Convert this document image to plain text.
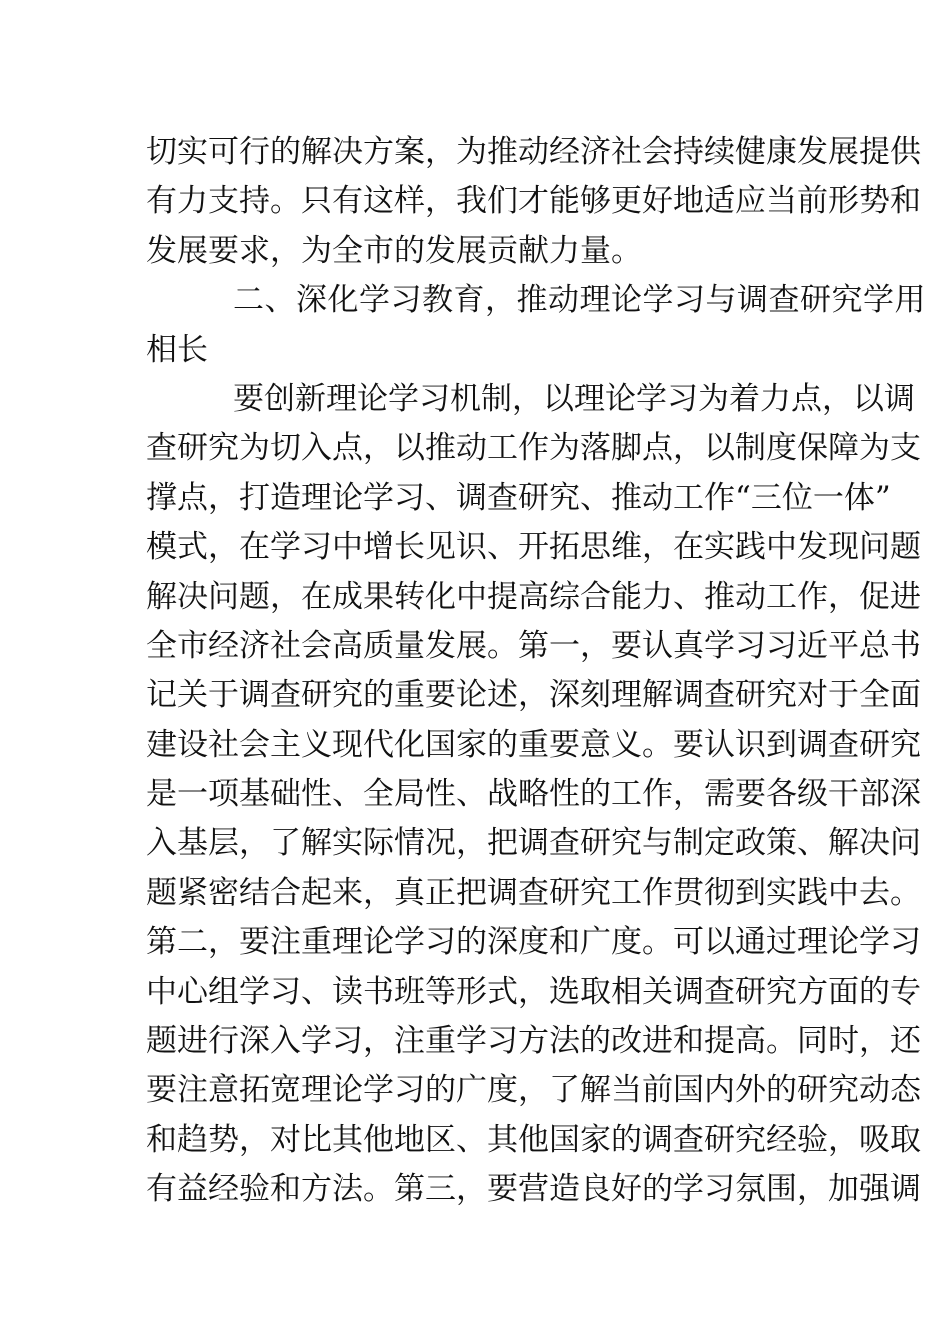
切实可行的解决方案，为推动经济社会持续健康发展提供
有力支持。只有这样，我们才能够更好地适应当前形势和
发展要求，为全市的发展贡献力量。
二、深化学习教育，推动理论学习与调查研究学用
相长
要创新理论学习机制，以理论学习为着力点，以调
查研究为切入点，以推动工作为落脚点，以制度保障为支
撑点，打造理论学习、调查研究、推动工作“三位一体”
模式，在学习中增长见识、开拓思维，在实践中发现问题
解决问题，在成果转化中提高综合能力、推动工作，促进
全市经济社会高质量发展。第一，要认真学习习近平总书
记关于调查研究的重要论述，深刻理解调查研究对于全面
建设社会主义现代化国家的重要意义。要认识到调查研究
是一项基础性、全局性、战略性的工作，需要各级干部深
入基层，了解实际情况，把调查研究与制定政策、解决问
题紧密结合起来，真正把调查研究工作贯彻到实践中去。
第二，要注重理论学习的深度和广度。可以通过理论学习
中心组学习、读书班等形式，选取相关调查研究方面的专
题进行深入学习，注重学习方法的改进和提高。同时，还
要注意拓宽理论学习的广度，了解当前国内外的研究动态
和趋势，对比其他地区、其他国家的调查研究经验，吸取
有益经验和方法。第三，要营造良好的学习氛围，加强调
